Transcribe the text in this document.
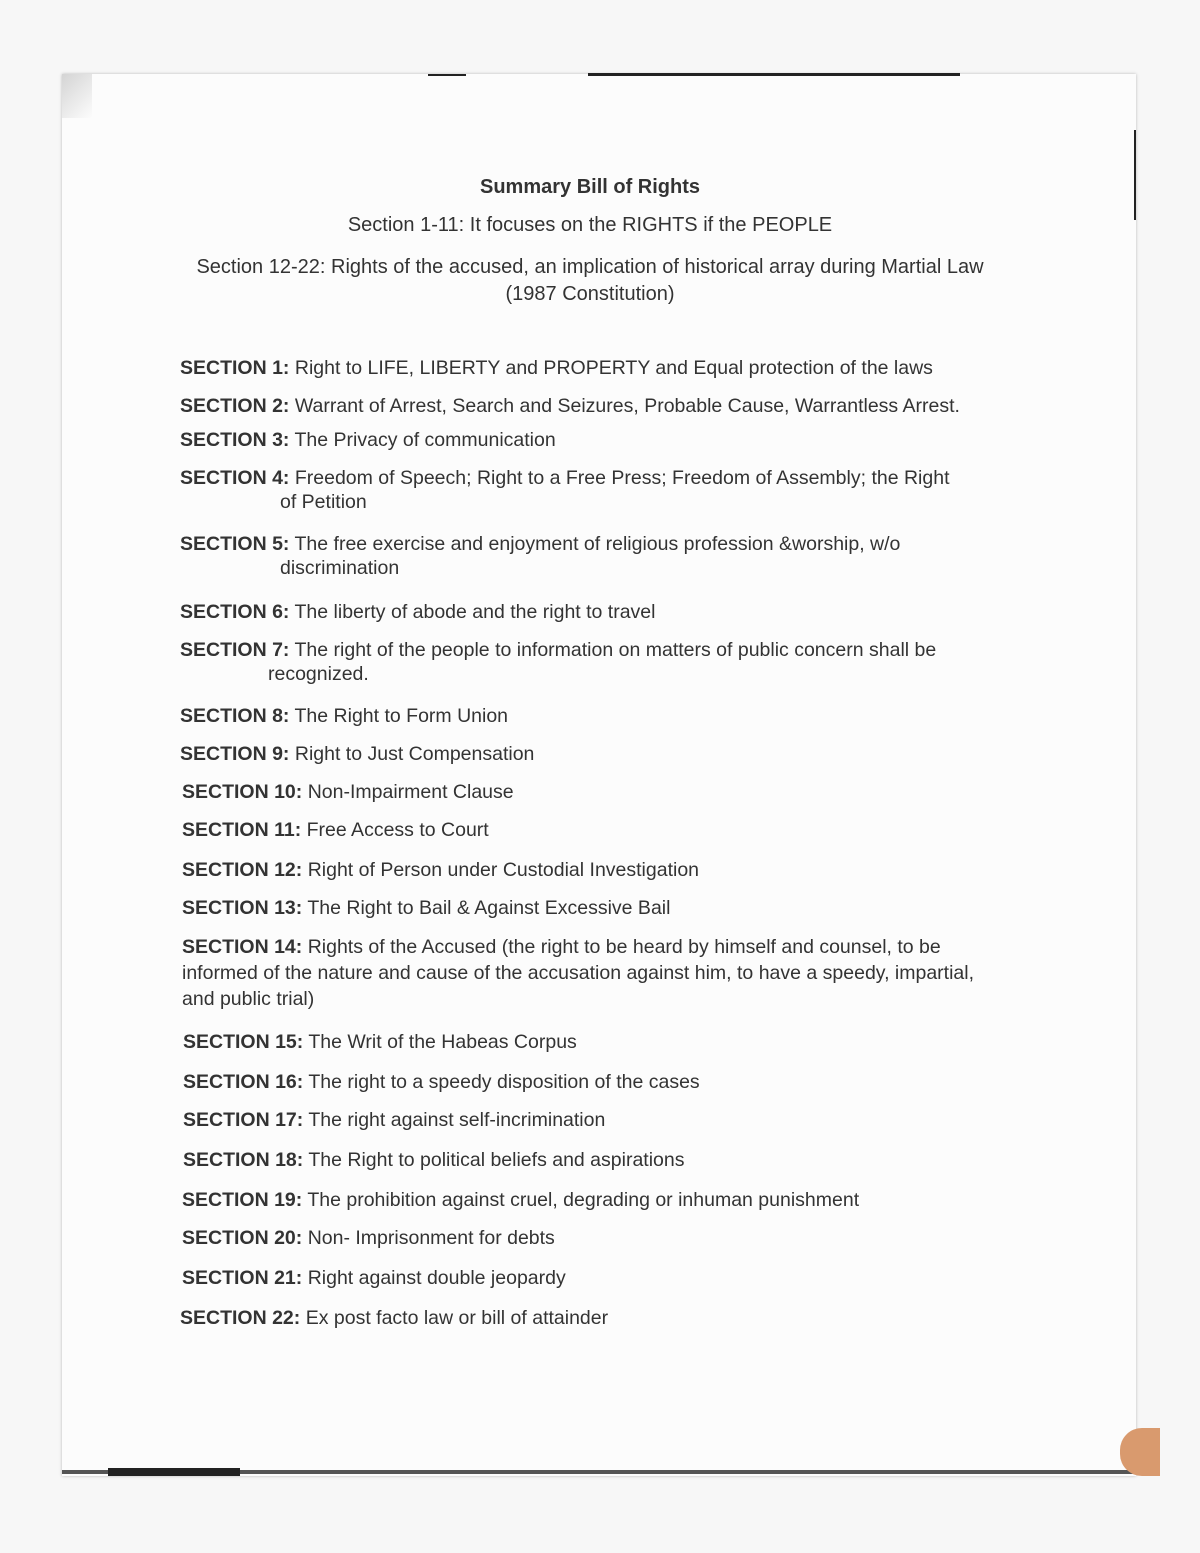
Summary Bill of Rights
Section 1-11: It focuses on the RIGHTS if the PEOPLE
Section 12-22: Rights of the accused, an implication of historical array during Martial Law (1987 Constitution)
SECTION 1: Right to LIFE, LIBERTY and PROPERTY and Equal protection of the laws
SECTION 2: Warrant of Arrest, Search and Seizures, Probable Cause, Warrantless Arrest.
SECTION 3: The Privacy of communication
SECTION 4: Freedom of Speech; Right to a Free Press; Freedom of Assembly; the Right
of Petition
SECTION 5: The free exercise and enjoyment of religious profession &worship, w/o
discrimination
SECTION 6: The liberty of abode and the right to travel
SECTION 7: The right of the people to information on matters of public concern shall be
recognized.
SECTION 8: The Right to Form Union
SECTION 9: Right to Just Compensation
SECTION 10: Non-Impairment Clause
SECTION 11: Free Access to Court
SECTION 12: Right of Person under Custodial Investigation
SECTION 13: The Right to Bail & Against Excessive Bail
SECTION 14: Rights of the Accused (the right to be heard by himself and counsel, to be informed of the nature and cause of the accusation against him, to have a speedy, impartial, and public trial)
SECTION 15: The Writ of the Habeas Corpus
SECTION 16: The right to a speedy disposition of the cases
SECTION 17: The right against self-incrimination
SECTION 18: The Right to political beliefs and aspirations
SECTION 19: The prohibition against cruel, degrading or inhuman punishment
SECTION 20: Non- Imprisonment for debts
SECTION 21: Right against double jeopardy
SECTION 22: Ex post facto law or bill of attainder
